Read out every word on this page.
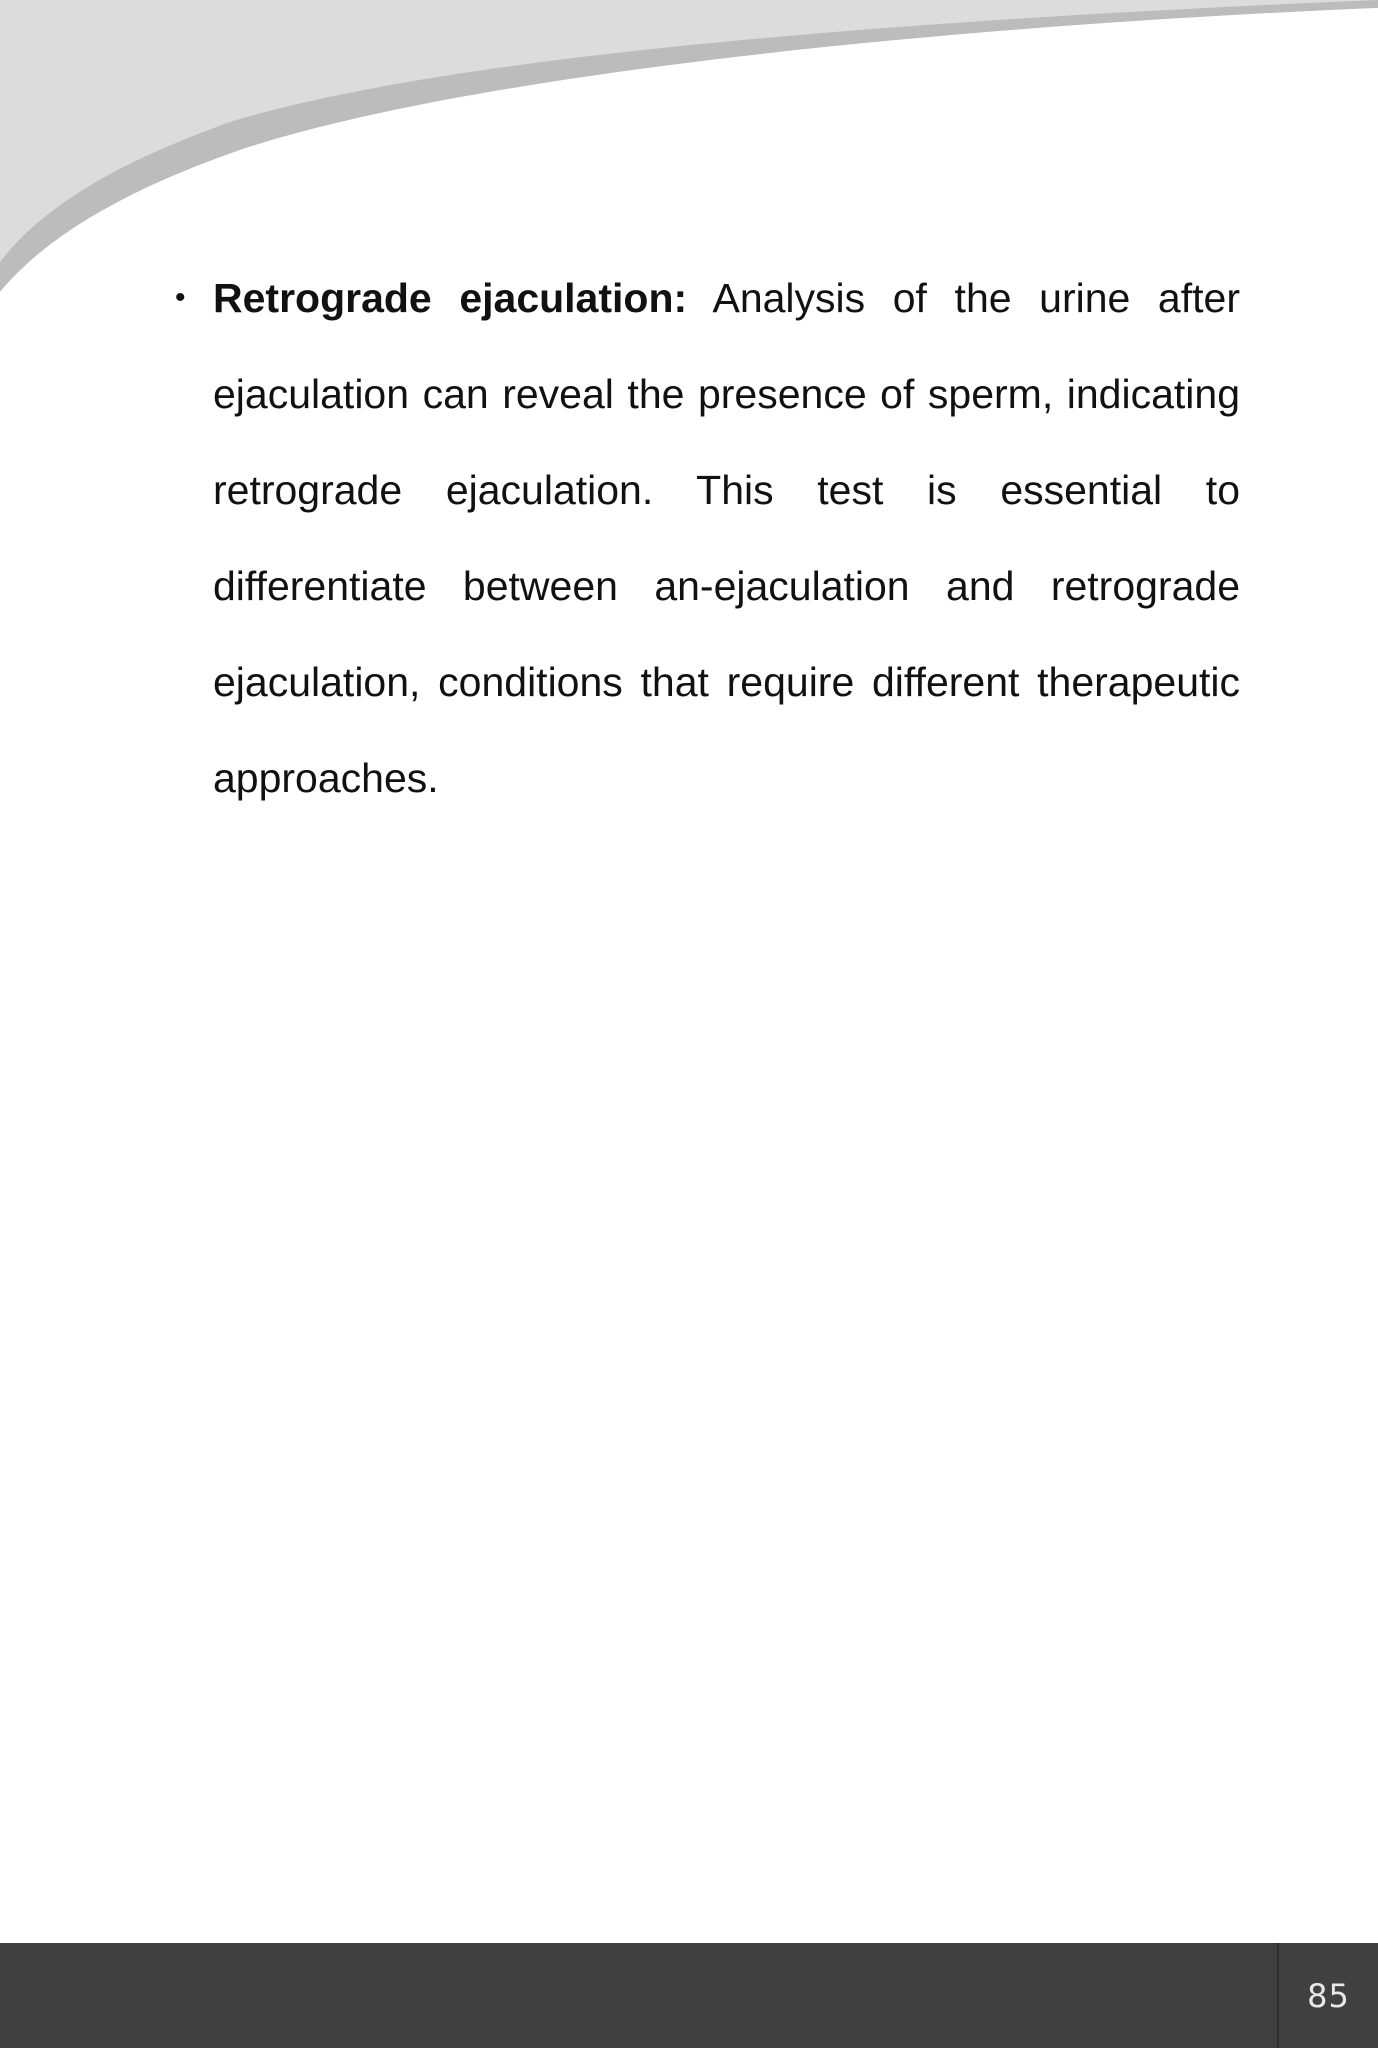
• Retrograde ejaculation: Analysis of the urine after ejaculation can reveal the presence of sperm, indicating retrograde ejaculation. This test is essential to differentiate between an-ejaculation and retrograde ejaculation, conditions that require different therapeutic approaches.
85
